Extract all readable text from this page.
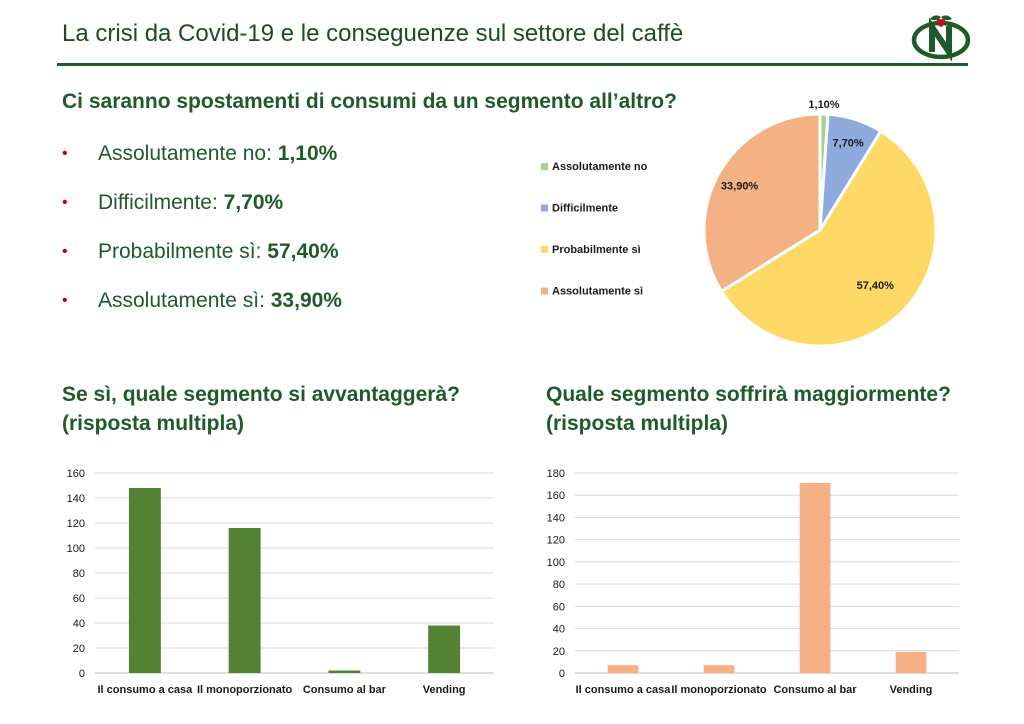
La crisi da Covid-19 e le conseguenze sul settore del caffè
Ci saranno spostamenti di consumi da un segmento all’altro?
• Assolutamente no: 1,10%
• Difficilmente: 7,70%
• Probabilmente sì: 57,40%
• Assolutamente sì: 33,90%
1,10%
7,70%
57,40%
33,90%
Assolutamente no
Difficilmente
Probabilmente sì
Assolutamente sì
Se sì, quale segmento si avvantaggerà?
(risposta multipla)
Quale segmento soffrirà maggiormente?
(risposta multipla)
0
20
40
60
80
100
120
140
160
Il consumo a casa Il monoporzionato Consumo al bar	Vending
0
20
40
60
80
100
120
140
160
180
Il consumo a casa Il monoporzionato Consumo al bar	Vending
